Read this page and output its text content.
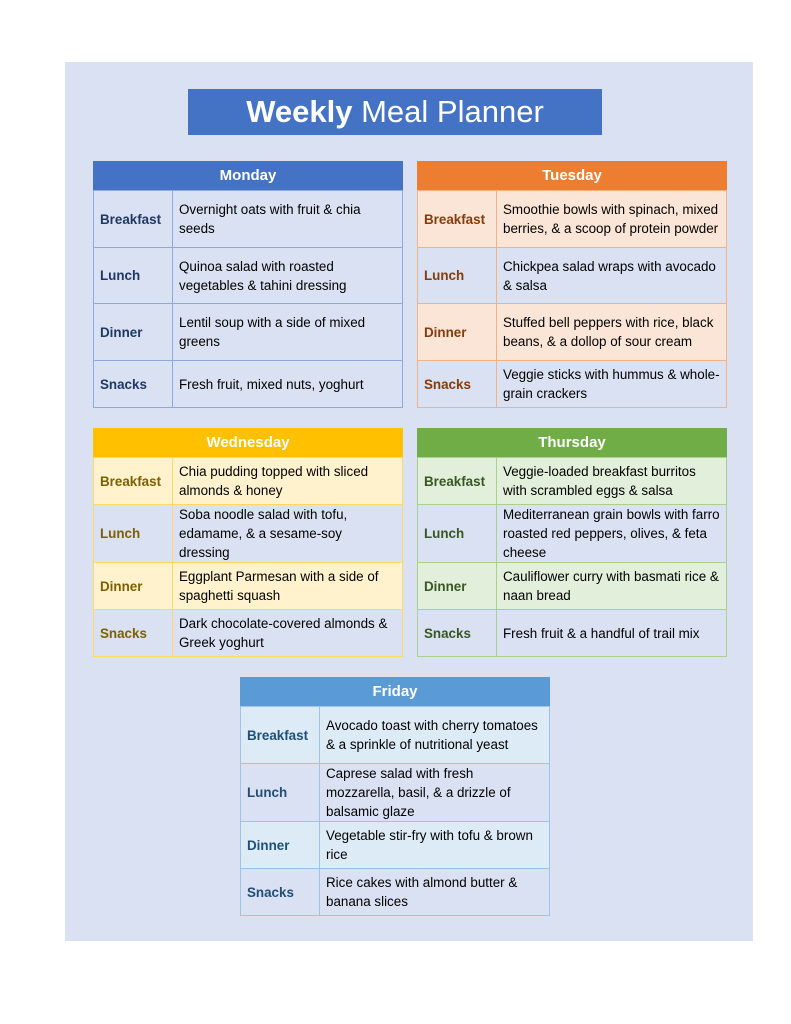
Weekly Meal Planner
Monday
Breakfast	Overnight oats with fruit & chia seeds
Lunch	Quinoa salad with roasted vegetables & tahini dressing
Dinner	Lentil soup with a side of mixed greens
Snacks	Fresh fruit, mixed nuts, yoghurt
Tuesday
Breakfast	Smoothie bowls with spinach, mixed berries, & a scoop of protein powder
Lunch	Chickpea salad wraps with avocado & salsa
Dinner	Stuffed bell peppers with rice, black beans, & a dollop of sour cream
Snacks	Veggie sticks with hummus & whole-grain crackers
Wednesday
Breakfast	Chia pudding topped with sliced almonds & honey
Lunch	Soba noodle salad with tofu, edamame, & a sesame-soy dressing
Dinner	Eggplant Parmesan with a side of spaghetti squash
Snacks	Dark chocolate-covered almonds & Greek yoghurt
Thursday
Breakfast	Veggie-loaded breakfast burritos with scrambled eggs & salsa
Lunch	Mediterranean grain bowls with farro roasted red peppers, olives, & feta cheese
Dinner	Cauliflower curry with basmati rice & naan bread
Snacks	Fresh fruit & a handful of trail mix
Friday
Breakfast	Avocado toast with cherry tomatoes & a sprinkle of nutritional yeast
Lunch	Caprese salad with fresh mozzarella, basil, & a drizzle of balsamic glaze
Dinner	Vegetable stir-fry with tofu & brown rice
Snacks	Rice cakes with almond butter & banana slices
